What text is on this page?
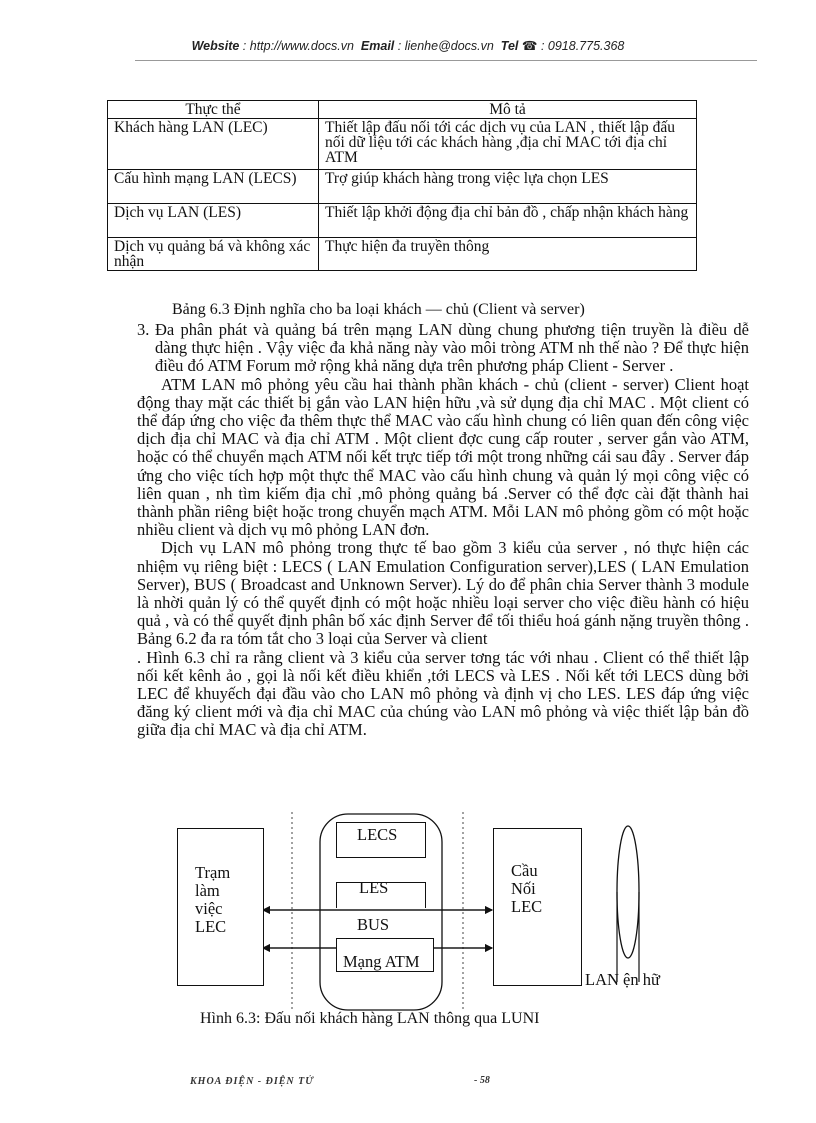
Website : http://www.docs.vn Email : lienhe@docs.vn Tel ☎ : 0918.775.368
Thực thể	Mô tả
Khách hàng LAN (LEC)	Thiết lập đấu nối tới các dịch vụ của LAN , thiết lập đấu nối dữ liệu tới các khách hàng ,địa chỉ MAC tới địa chỉ ATM
Cấu hình mạng LAN (LECS)	Trợ giúp khách hàng trong việc lựa chọn LES
Dịch vụ LAN (LES)	Thiết lập khởi động địa chỉ bản đồ , chấp nhận khách hàng
Dịch vụ quảng bá và không xác nhận	Thực hiện đa truyền thông
Bảng 6.3 Định nghĩa cho ba loại khách — chủ (Client và server)

3. Đa phân phát và quảng bá trên mạng LAN dùng chung phương tiện truyền là điều dễ dàng thực hiện . Vậy việc đa khả năng này vào môi tròng ATM nh thế nào ? Để thực hiện điều đó ATM Forum mở rộng khả năng dựa trên phương pháp Client - Server .

ATM LAN mô phỏng yêu cầu hai thành phần khách - chủ (client - server) Client hoạt động thay mặt các thiết bị gắn vào LAN hiện hữu ,và sử dụng địa chỉ MAC . Một client có thể đáp ứng cho việc đa thêm thực thể MAC vào cấu hình chung có liên quan đến công việc dịch địa chỉ MAC và địa chỉ ATM . Một client đợc cung cấp router , server gắn vào ATM, hoặc có thể chuyển mạch ATM nối kết trực tiếp tới một trong những cái sau đây . Server đáp ứng cho việc tích hợp một thực thể MAC vào cấu hình chung và quản lý mọi công việc có liên quan , nh tìm kiếm địa chỉ ,mô phỏng quảng bá .Server có thể đợc cài đặt thành hai thành phần riêng biệt hoặc trong chuyển mạch ATM. Mỗi LAN mô phỏng gồm có một hoặc nhiều client và dịch vụ mô phỏng LAN đơn.

Dịch vụ LAN mô phỏng trong thực tế bao gồm 3 kiểu của server , nó thực hiện các nhiệm vụ riêng biệt : LECS ( LAN Emulation Configuration server),LES ( LAN Emulation Server), BUS ( Broadcast and Unknown Server). Lý do để phân chia Server thành 3 module là nhời quản lý có thể quyết định có một hoặc nhiều loại server cho việc điều hành có hiệu quả , và có thể quyết định phân bố xác định Server để tối thiểu hoá gánh nặng truyền thông . Bảng 6.2 đa ra tóm tắt cho 3 loại của Server và client

. Hình 6.3 chỉ ra rằng client và 3 kiểu của server tơng tác với nhau . Client có thể thiết lập nối kết kênh ảo , gọi là nối kết điều khiển ,tới LECS và LES . Nối kết tới LECS dùng bởi LEC để khuyếch đại đầu vào cho LAN mô phỏng và định vị cho LES. LES đáp ứng việc đăng ký client mới và địa chỉ MAC của chúng vào LAN mô phỏng và việc thiết lập bản đồ giữa địa chỉ MAC và địa chỉ ATM.

Trạm
làm
việc
LEC
LECS
LES
BUS
Mạng ATM
Cầu
Nối
LEC
LAN ện hữ
Hình 6.3: Đấu nối khách hàng LAN thông qua LUNI
KHOA ĐIỆN - ĐIỆN TỬ	- 58
